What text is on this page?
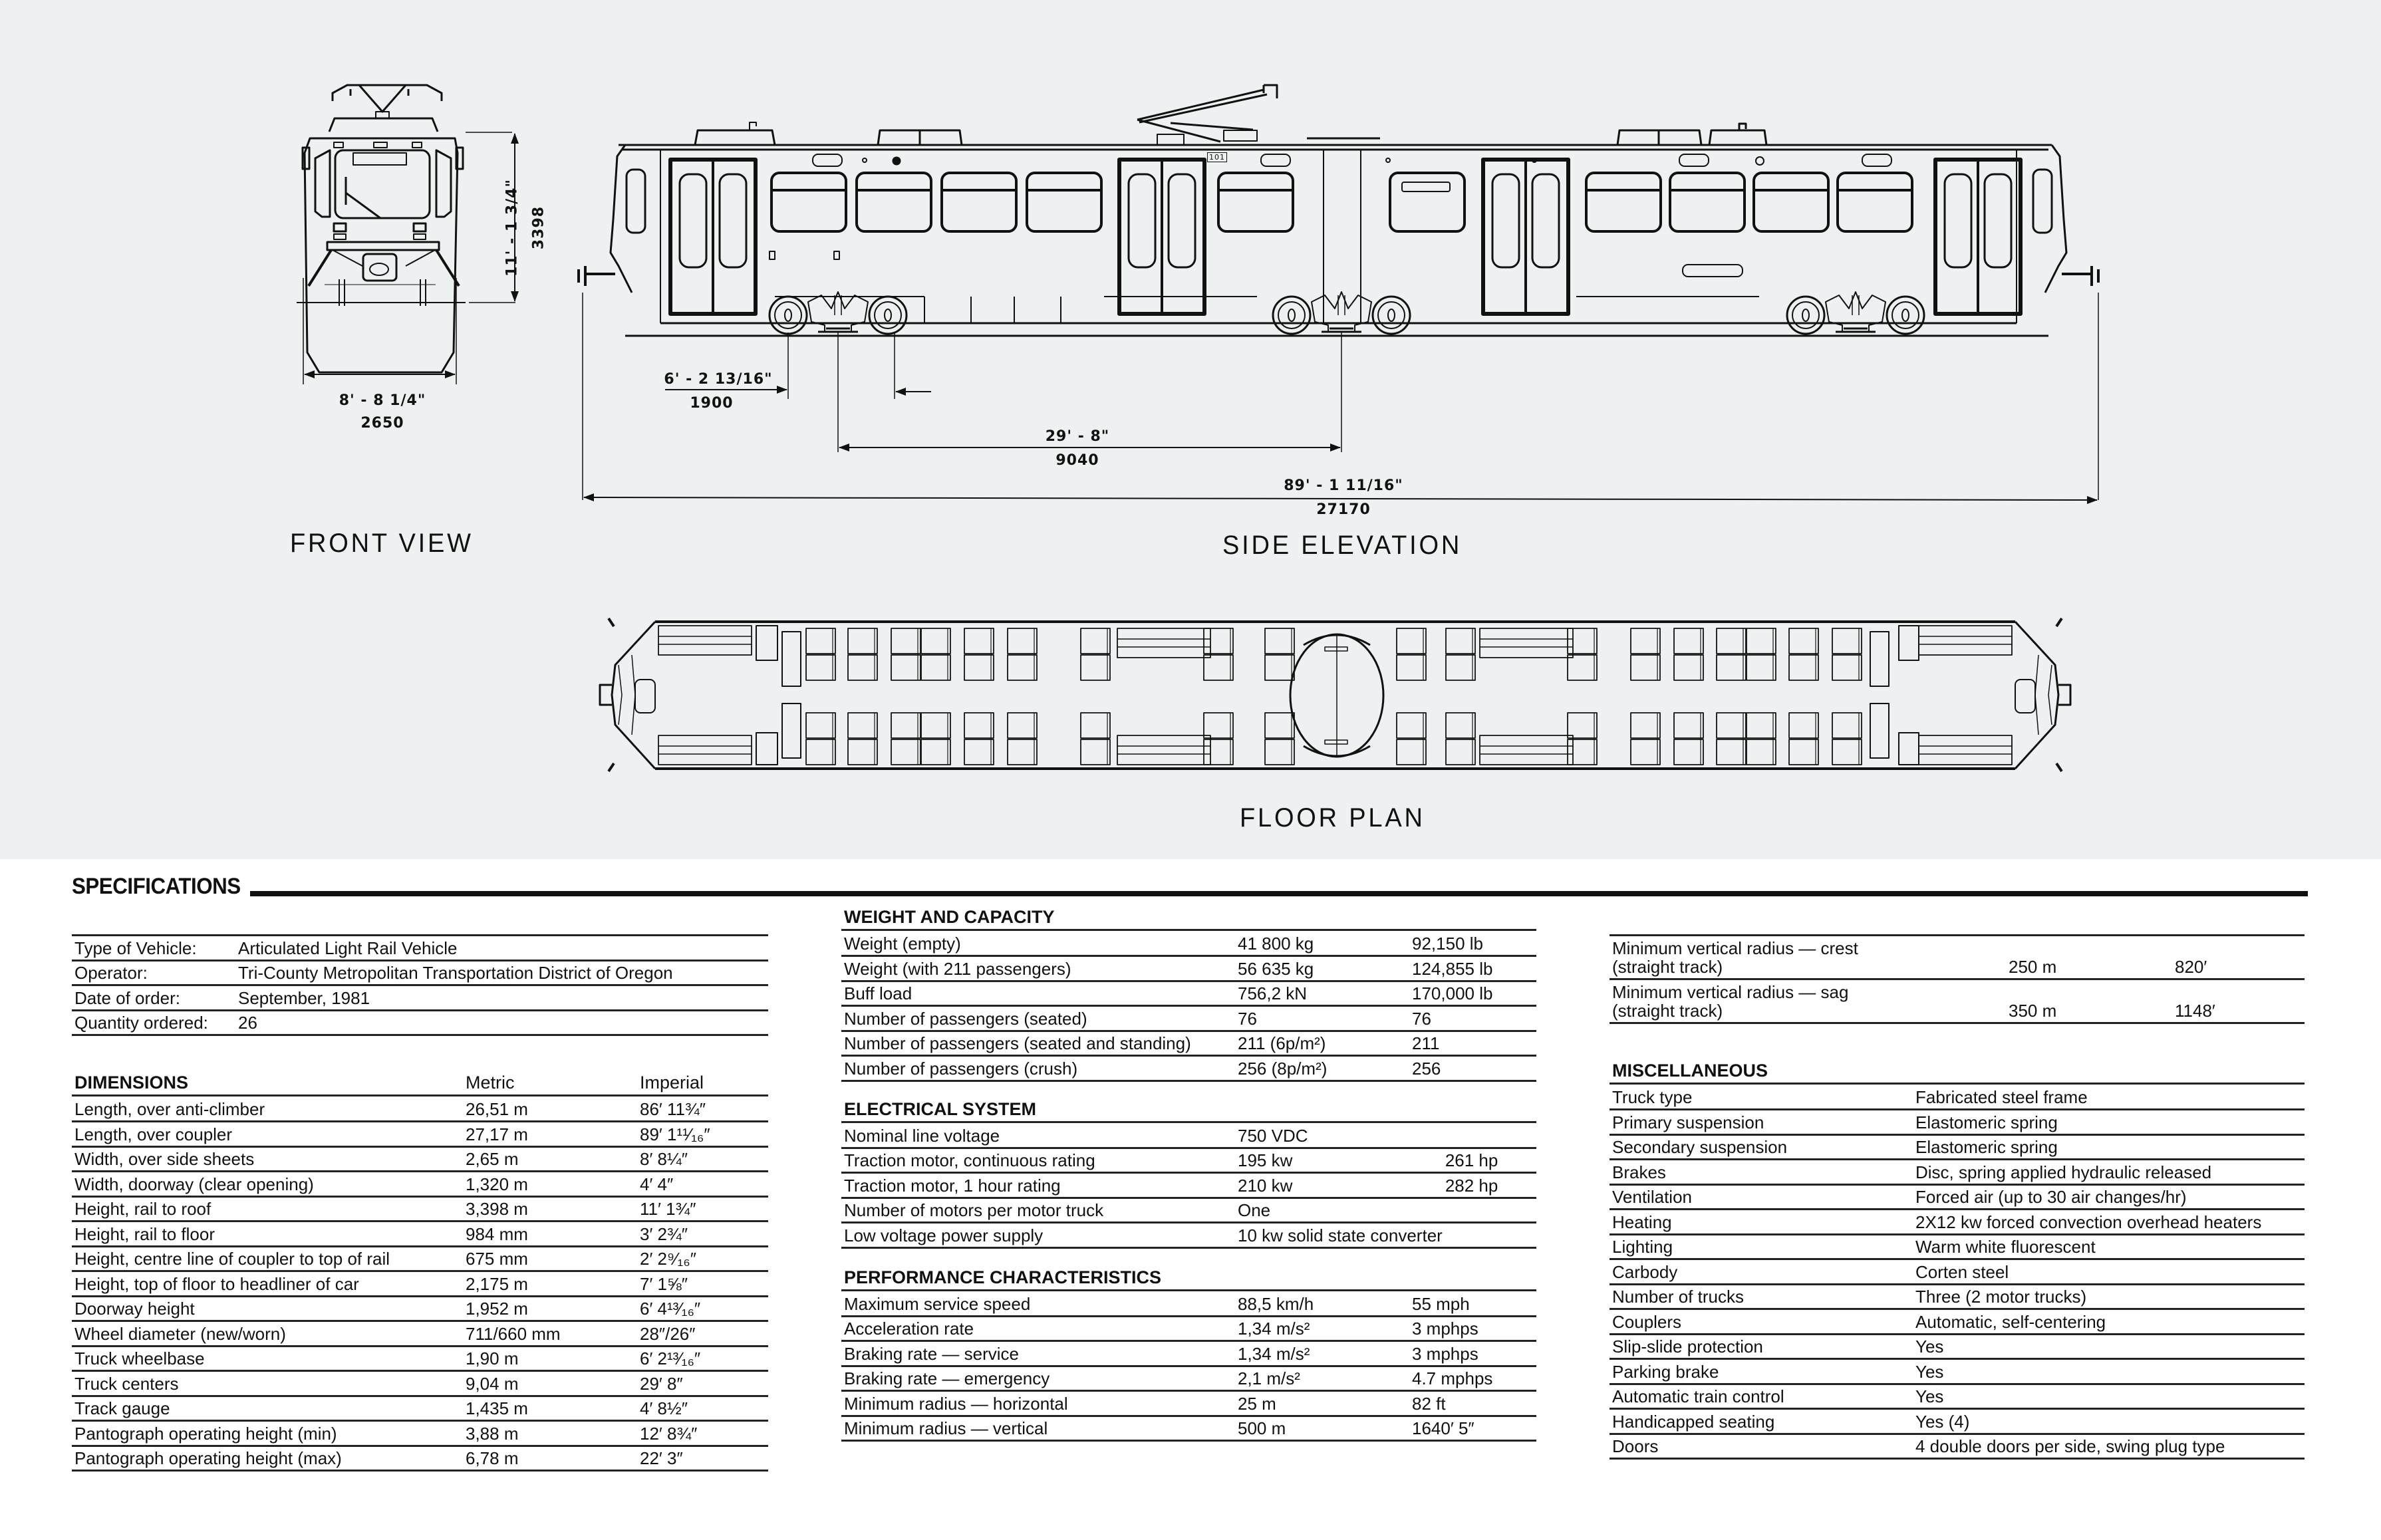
FRONT VIEW	SIDE ELEVATION
FLOOR PLAN
8' - 8 1/4"
2650
11' - 1 3/4" 3398
6' - 2 13/16"
1900
29' - 8"
9040
89' - 1 11/16"
27170
101
SPECIFICATIONS
Type of Vehicle:	Articulated Light Rail Vehicle
Operator:	Tri-County Metropolitan Transportation District of Oregon
Date of order:	September, 1981
Quantity ordered:	26
DIMENSIONS	Metric	Imperial
Length, over anti-climber	26,51 m	86′ 11¾″
Length, over coupler	27,17 m	89′ 1¹¹⁄₁₆″
Width, over side sheets	2,65 m	8′ 8¼″
Width, doorway (clear opening)	1,320 m	4′ 4″
Height, rail to roof	3,398 m	11′ 1¾″
Height, rail to floor	984 mm	3′ 2¾″
Height, centre line of coupler to top of rail	675 mm	2′ 2⁹⁄₁₆″
Height, top of floor to headliner of car	2,175 m	7′ 1⅝″
Doorway height	1,952 m	6′ 4¹³⁄₁₆″
Wheel diameter (new/worn)	711/660 mm	28″/26″
Truck wheelbase	1,90 m	6′ 2¹³⁄₁₆″
Truck centers	9,04 m	29′ 8″
Track gauge	1,435 m	4′ 8½″
Pantograph operating height (min)	3,88 m	12′ 8¾″
Pantograph operating height (max)	6,78 m	22′ 3″
WEIGHT AND CAPACITY
Weight (empty)	41 800 kg	92,150 lb
Weight (with 211 passengers)	56 635 kg	124,855 lb
Buff load	756,2 kN	170,000 lb
Number of passengers (seated)	76	76
Number of passengers (seated and standing)	211 (6p/m²)	211
Number of passengers (crush)	256 (8p/m²)	256
ELECTRICAL SYSTEM
Nominal line voltage	750 VDC	
Traction motor, continuous rating	195 kw	261 hp
Traction motor, 1 hour rating	210 kw	282 hp
Number of motors per motor truck	One	
Low voltage power supply	10 kw solid state converter	
PERFORMANCE CHARACTERISTICS
Maximum service speed	88,5 km/h	55 mph
Acceleration rate	1,34 m/s²	3 mphps
Braking rate — service	1,34 m/s²	3 mphps
Braking rate — emergency	2,1 m/s²	4.7 mphps
Minimum radius — horizontal	25 m	82 ft
Minimum radius — vertical	500 m	1640′ 5″
Minimum vertical radius — crest
(straight track)	250 m	820′

Minimum vertical radius — sag
(straight track)	350 m	1148′
MISCELLANEOUS
Truck type	Fabricated steel frame
Primary suspension	Elastomeric spring
Secondary suspension	Elastomeric spring
Brakes	Disc, spring applied hydraulic released
Ventilation	Forced air (up to 30 air changes/hr)
Heating	2X12 kw forced convection overhead heaters
Lighting	Warm white fluorescent
Carbody	Corten steel
Number of trucks	Three (2 motor trucks)
Couplers	Automatic, self-centering
Slip-slide protection	Yes
Parking brake	Yes
Automatic train control	Yes
Handicapped seating	Yes (4)
Doors	4 double doors per side, swing plug type
